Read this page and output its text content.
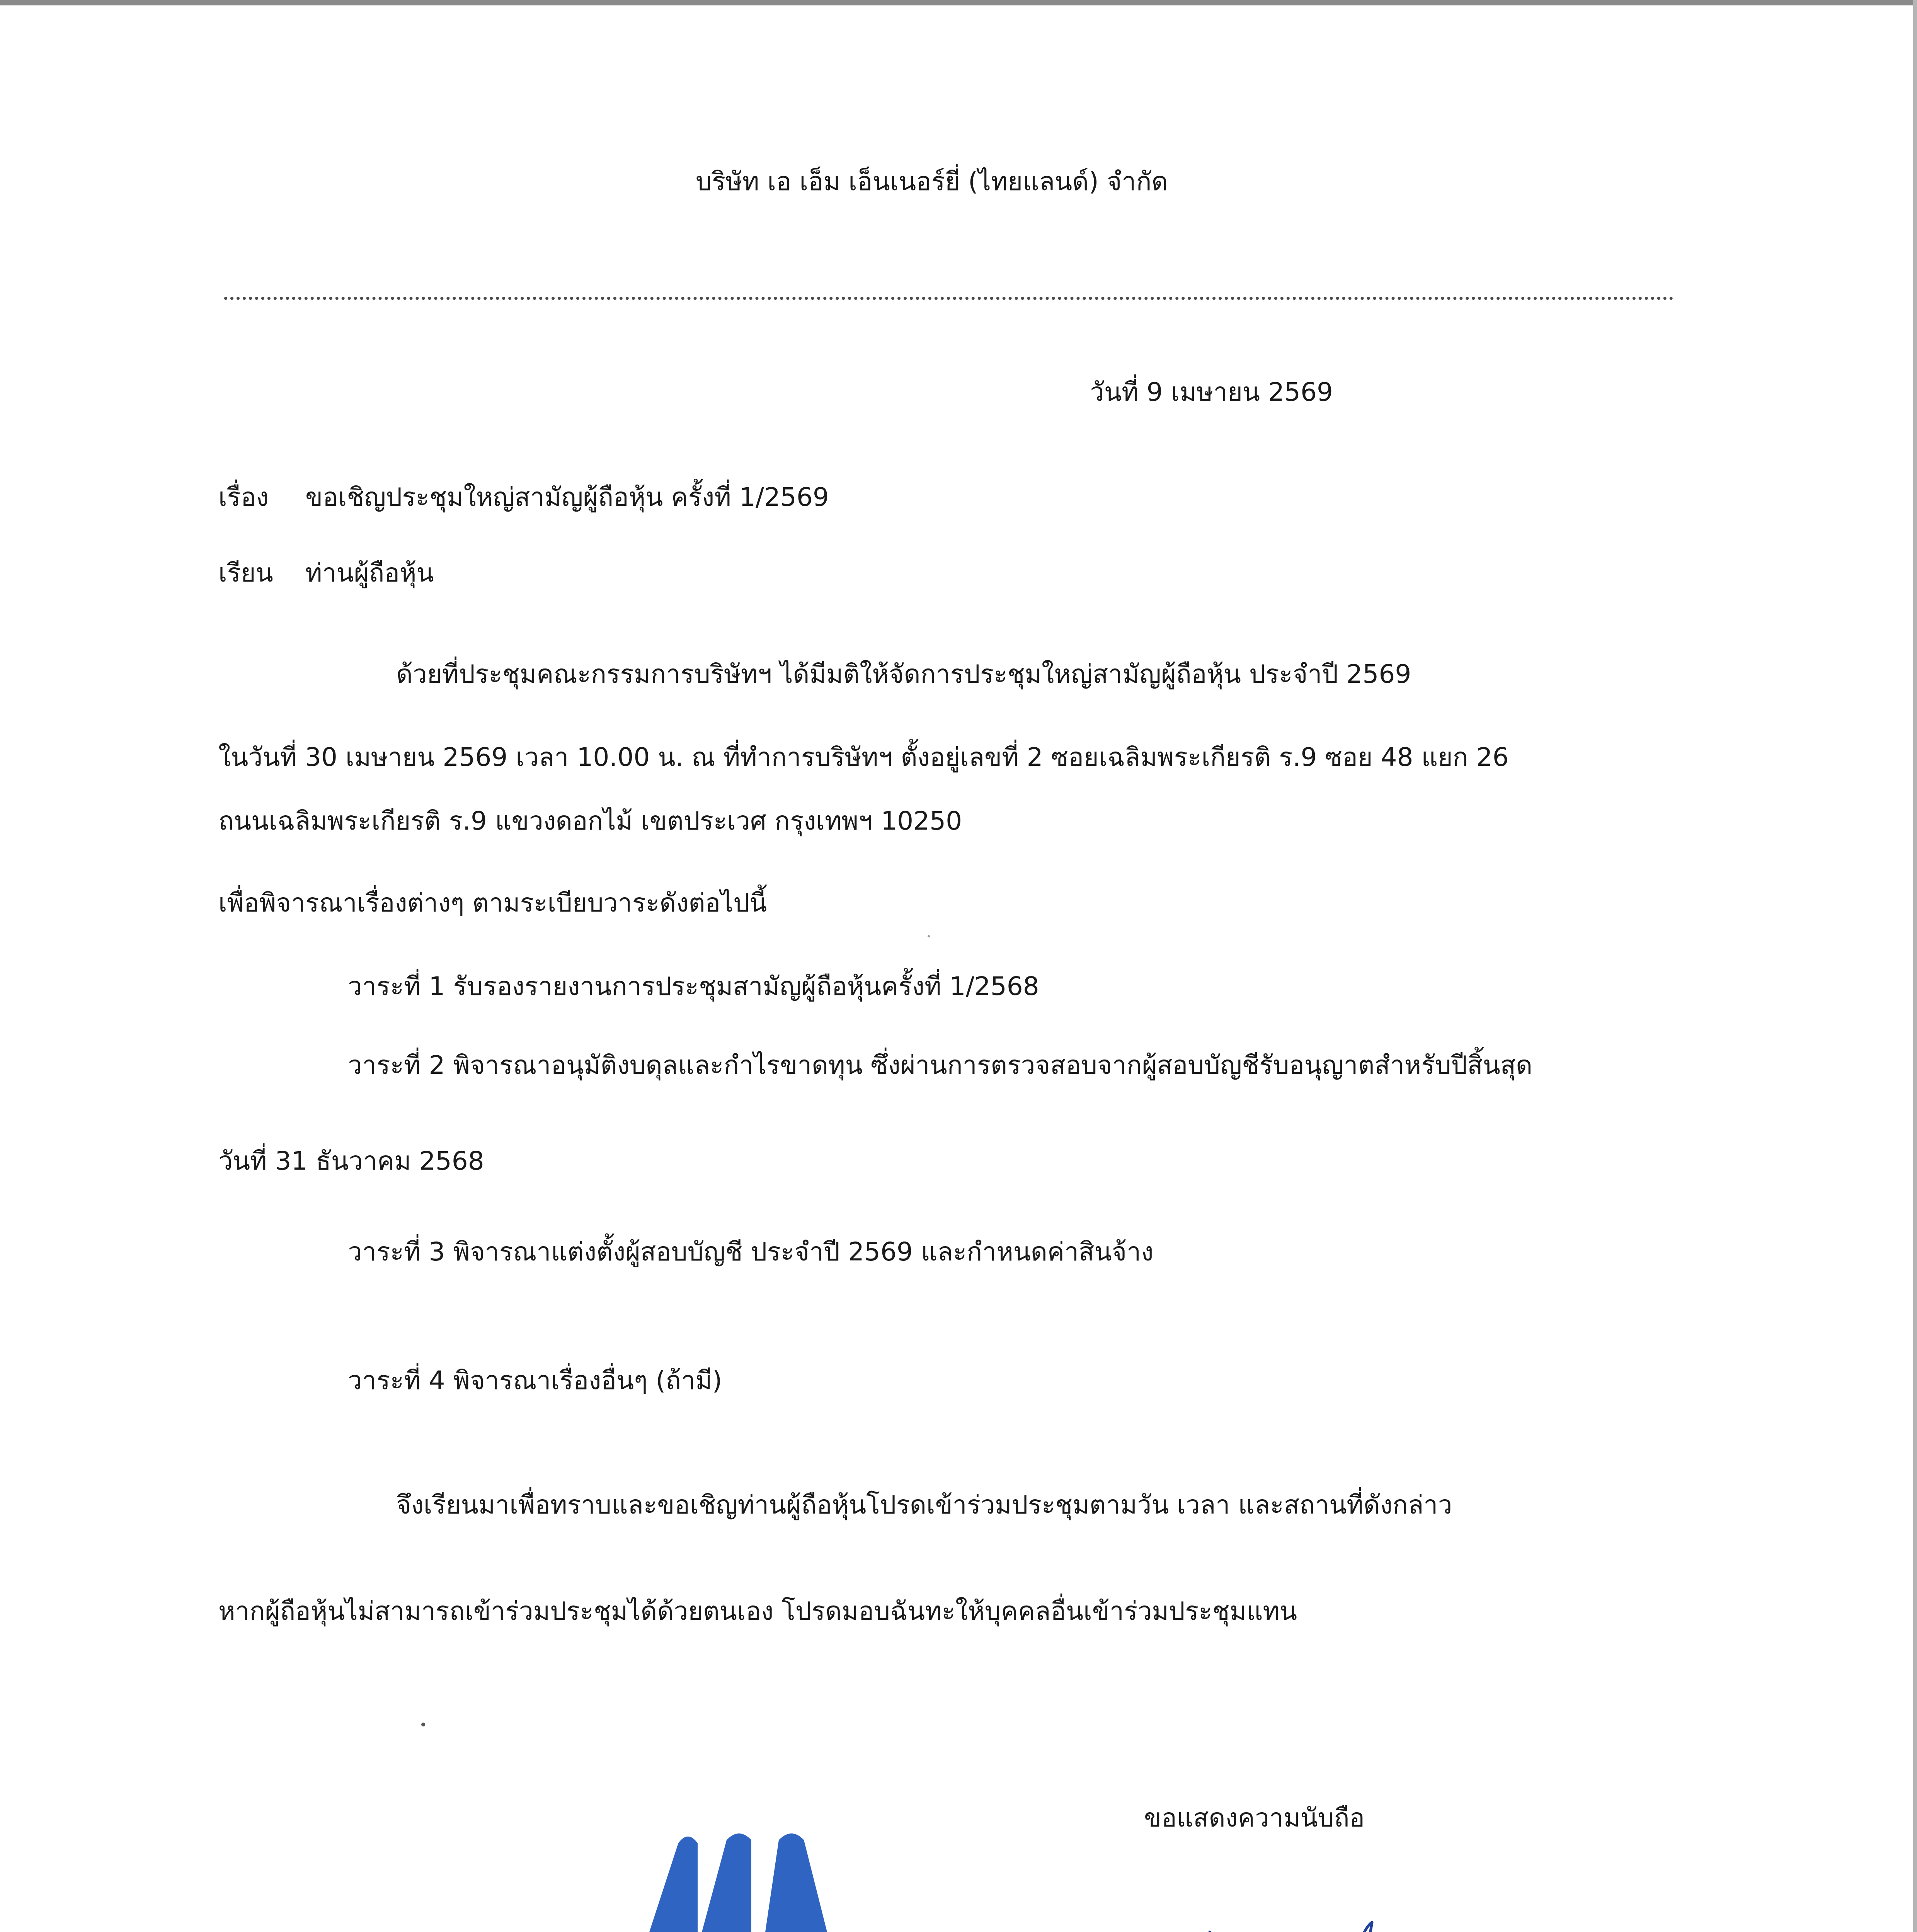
บริษัท เอ เอ็ม เอ็นเนอร์ยี่ (ไทยแลนด์) จำกัด

วันที่ 9 เมษายน 2569

เรื่อง ขอเชิญประชุมใหญ่สามัญผู้ถือหุ้น ครั้งที่ 1/2569

เรียน ท่านผู้ถือหุ้น

ด้วยที่ประชุมคณะกรรมการบริษัทฯ ได้มีมติให้จัดการประชุมใหญ่สามัญผู้ถือหุ้น ประจำปี 2569

ในวันที่ 30 เมษายน 2569 เวลา 10.00 น. ณ ที่ทำการบริษัทฯ ตั้งอยู่เลขที่ 2 ซอยเฉลิมพระเกียรติ ร.9 ซอย 48 แยก 26

ถนนเฉลิมพระเกียรติ ร.9 แขวงดอกไม้ เขตประเวศ กรุงเทพฯ 10250

เพื่อพิจารณาเรื่องต่างๆ ตามระเบียบวาระดังต่อไปนี้

วาระที่ 1 รับรองรายงานการประชุมสามัญผู้ถือหุ้นครั้งที่ 1/2568

วาระที่ 2 พิจารณาอนุมัติงบดุลและกำไรขาดทุน ซึ่งผ่านการตรวจสอบจากผู้สอบบัญชีรับอนุญาตสำหรับปีสิ้นสุด

วันที่ 31 ธันวาคม 2568

วาระที่ 3 พิจารณาแต่งตั้งผู้สอบบัญชี ประจำปี 2569 และกำหนดค่าสินจ้าง

วาระที่ 4 พิจารณาเรื่องอื่นๆ (ถ้ามี)

จึงเรียนมาเพื่อทราบและขอเชิญท่านผู้ถือหุ้นโปรดเข้าร่วมประชุมตามวัน เวลา และสถานที่ดังกล่าว

หากผู้ถือหุ้นไม่สามารถเข้าร่วมประชุมได้ด้วยตนเอง โปรดมอบฉันทะให้บุคคลอื่นเข้าร่วมประชุมแทน

ขอแสดงความนับถือ
